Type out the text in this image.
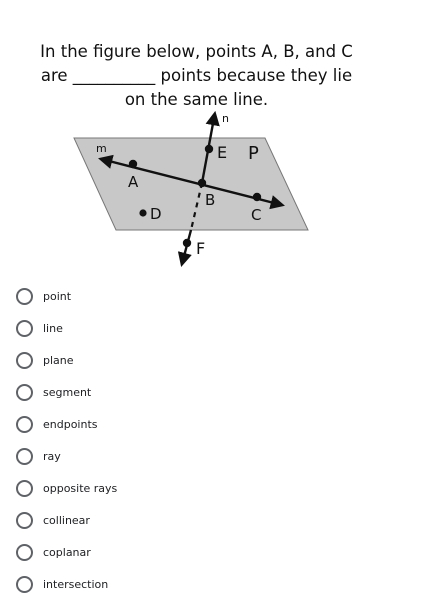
In the figure below, points A, B, and C
are __________ points because they lie
on the same line.
n
m	E P
A
B
C
D
F
point
line
plane
segment
endpoints
ray
opposite rays
collinear
coplanar
intersection
